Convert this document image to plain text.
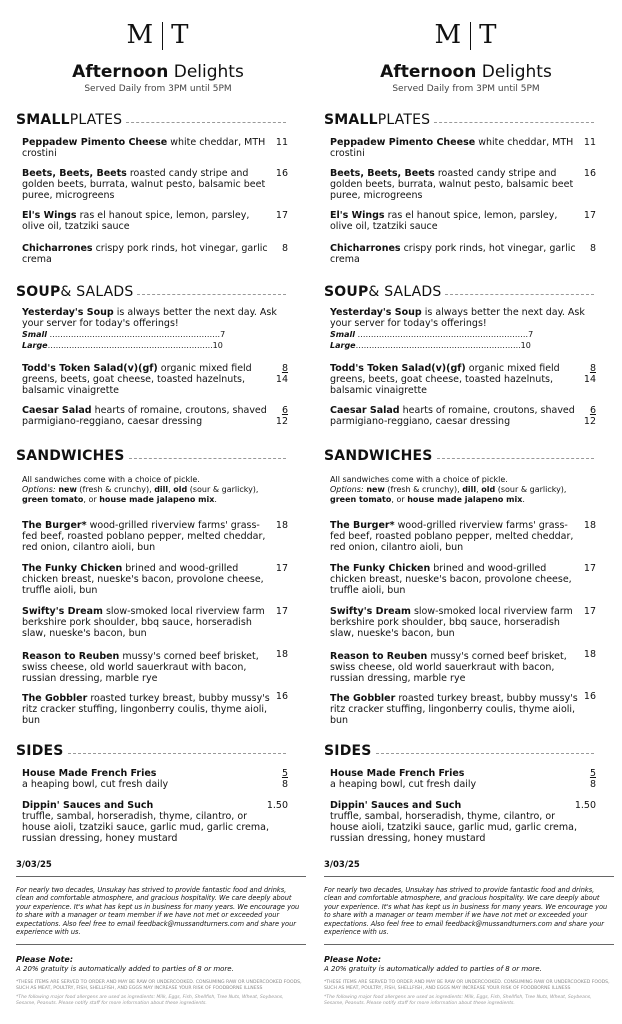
M T
Afternoon Delights
Served Daily from 3PM until 5PM
SMALL PLATES
Peppadew Pimento Cheese white cheddar, MTH crostini
11
Beets, Beets, Beets roasted candy stripe and golden beets, burrata, walnut pesto, balsamic beet puree, microgreens
16
El's Wings ras el hanout spice, lemon, parsley, olive oil, tzatziki sauce
17
Chicharrones crispy pork rinds, hot vinegar, garlic crema
8
SOUP & SALADS
Yesterday's Soup is always better the next day. Ask your server for today's offerings!
Small ……………………………………………………….7
Large……………………………………………………..10
Todd's Token Salad(v)(gf) organic mixed field greens, beets, goat cheese, toasted hazelnuts, balsamic vinaigrette
8
14
Caesar Salad hearts of romaine, croutons, shaved parmigiano-reggiano, caesar dressing
6
12
SANDWICHES
All sandwiches come with a choice of pickle.
Options: new (fresh & crunchy), dill, old (sour & garlicky),
green tomato, or house made jalapeno mix.
The Burger* wood-grilled riverview farms' grass-fed beef, roasted poblano pepper, melted cheddar, red onion, cilantro aioli, bun
18
The Funky Chicken brined and wood-grilled chicken breast, nueske's bacon, provolone cheese, truffle aioli, bun
17
Swifty's Dream slow-smoked local riverview farm berkshire pork shoulder, bbq sauce, horseradish slaw, nueske's bacon, bun
17
Reason to Reuben mussy's corned beef brisket, swiss cheese, old world sauerkraut with bacon, russian dressing, marble rye
18
The Gobbler roasted turkey breast, bubby mussy's ritz cracker stuffing, lingonberry coulis, thyme aioli, bun
16
SIDES
House Made French Fries
a heaping bowl, cut fresh daily
5
8
Dippin' Sauces and Such
truffle, sambal, horseradish, thyme, cilantro, or house aioli, tzatziki sauce, garlic mud, garlic crema, russian dressing, honey mustard
1.50
3/03/25
For nearly two decades, Unsukay has strived to provide fantastic food and drinks, clean and comfortable atmosphere, and gracious hospitality. We care deeply about your experience. It's what has kept us in business for many years. We encourage you to share with a manager or team member if we have not met or exceeded your expectations. Also feel free to email feedback@mussandturners.com and share your experience with us.
Please Note:
A 20% gratuity is automatically added to parties of 8 or more.
*THESE ITEMS ARE SERVED TO ORDER AND MAY BE RAW OR UNDERCOOKED. CONSUMING RAW OR UNDERCOOKED FOODS, SUCH AS MEAT, POULTRY, FISH, SHELLFISH, AND EGGS MAY INCREASE YOUR RISK OF FOODBORNE ILLNESS
*The following major food allergens are used as ingredients: Milk, Eggs, Fish, Shellfish, Tree Nuts, Wheat, Soybeans, Sesame, Peanuts. Please notify staff for more information about these ingredients.
M T
Afternoon Delights
Served Daily from 3PM until 5PM
SMALL PLATES
Peppadew Pimento Cheese white cheddar, MTH crostini
11
Beets, Beets, Beets roasted candy stripe and golden beets, burrata, walnut pesto, balsamic beet puree, microgreens
16
El's Wings ras el hanout spice, lemon, parsley, olive oil, tzatziki sauce
17
Chicharrones crispy pork rinds, hot vinegar, garlic crema
8
SOUP & SALADS
Yesterday's Soup is always better the next day. Ask your server for today's offerings!
Small ……………………………………………………….7
Large……………………………………………………..10
Todd's Token Salad(v)(gf) organic mixed field greens, beets, goat cheese, toasted hazelnuts, balsamic vinaigrette
8
14
Caesar Salad hearts of romaine, croutons, shaved parmigiano-reggiano, caesar dressing
6
12
SANDWICHES
All sandwiches come with a choice of pickle.
Options: new (fresh & crunchy), dill, old (sour & garlicky),
green tomato, or house made jalapeno mix.
The Burger* wood-grilled riverview farms' grass-fed beef, roasted poblano pepper, melted cheddar, red onion, cilantro aioli, bun
18
The Funky Chicken brined and wood-grilled chicken breast, nueske's bacon, provolone cheese, truffle aioli, bun
17
Swifty's Dream slow-smoked local riverview farm berkshire pork shoulder, bbq sauce, horseradish slaw, nueske's bacon, bun
17
Reason to Reuben mussy's corned beef brisket, swiss cheese, old world sauerkraut with bacon, russian dressing, marble rye
18
The Gobbler roasted turkey breast, bubby mussy's ritz cracker stuffing, lingonberry coulis, thyme aioli, bun
16
SIDES
House Made French Fries
a heaping bowl, cut fresh daily
5
8
Dippin' Sauces and Such
truffle, sambal, horseradish, thyme, cilantro, or house aioli, tzatziki sauce, garlic mud, garlic crema, russian dressing, honey mustard
1.50
3/03/25
For nearly two decades, Unsukay has strived to provide fantastic food and drinks, clean and comfortable atmosphere, and gracious hospitality. We care deeply about your experience. It's what has kept us in business for many years. We encourage you to share with a manager or team member if we have not met or exceeded your expectations. Also feel free to email feedback@mussandturners.com and share your experience with us.
Please Note:
A 20% gratuity is automatically added to parties of 8 or more.
*THESE ITEMS ARE SERVED TO ORDER AND MAY BE RAW OR UNDERCOOKED. CONSUMING RAW OR UNDERCOOKED FOODS, SUCH AS MEAT, POULTRY, FISH, SHELLFISH, AND EGGS MAY INCREASE YOUR RISK OF FOODBORNE ILLNESS
*The following major food allergens are used as ingredients: Milk, Eggs, Fish, Shellfish, Tree Nuts, Wheat, Soybeans, Sesame, Peanuts. Please notify staff for more information about these ingredients.
